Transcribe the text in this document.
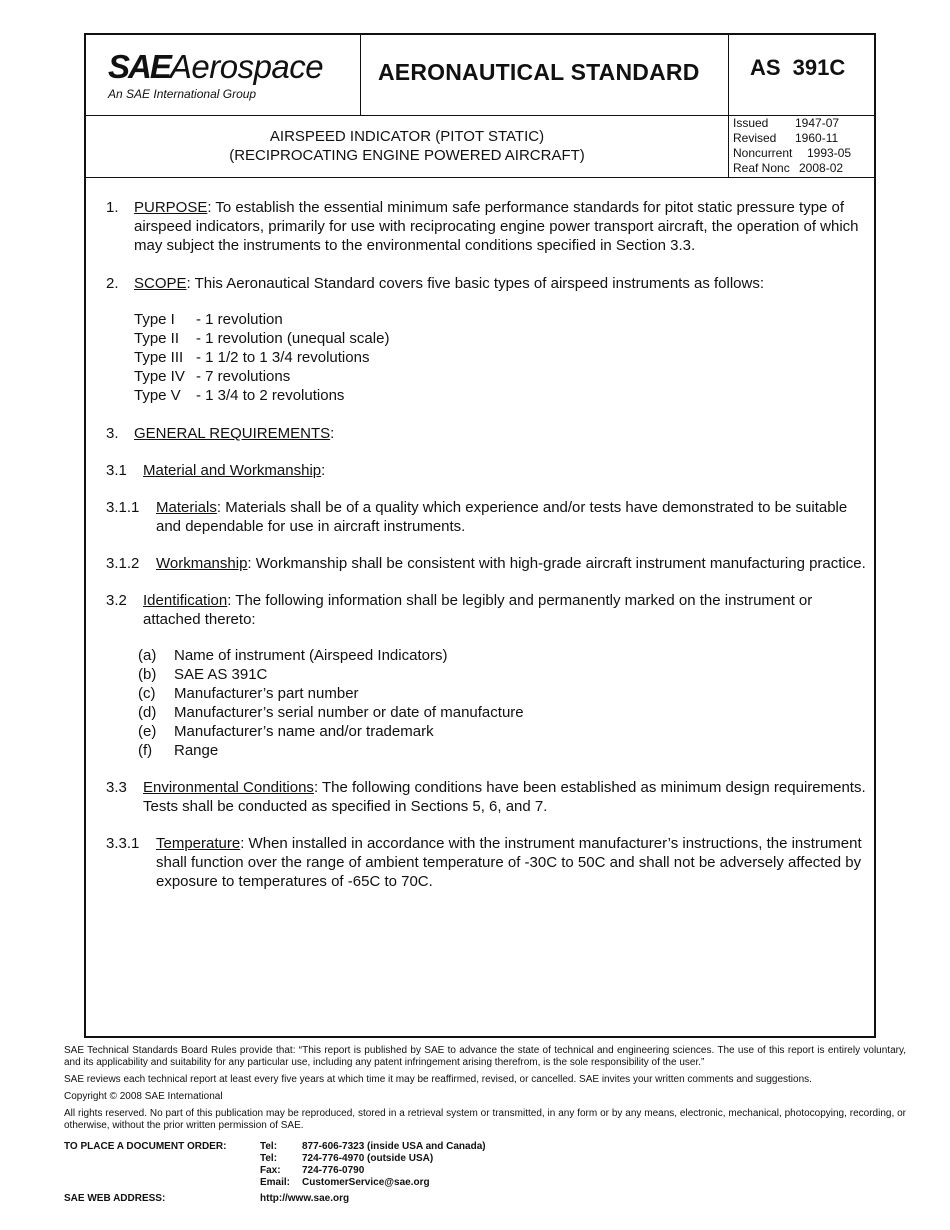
SAEAerospace
An SAE International Group
AERONAUTICAL STANDARD AS 391C
AIRSPEED INDICATOR (PITOT STATIC)
(RECIPROCATING ENGINE POWERED AIRCRAFT)
Issued	1947-07
Revised	1960-11
Noncurrent	1993-05
Reaf Nonc 2008-02
1. PURPOSE: To establish the essential minimum safe performance standards for pitot static pressure type of airspeed indicators, primarily for use with reciprocating engine power transport aircraft, the operation of which may subject the instruments to the environmental conditions specified in Section 3.3.
2. SCOPE: This Aeronautical Standard covers five basic types of airspeed instruments as follows:
Type I	- 1 revolution
Type II	- 1 revolution (unequal scale)
Type III - 1 1/2 to 1 3/4 revolutions
Type IV - 7 revolutions
Type V	- 1 3/4 to 2 revolutions
3. GENERAL REQUIREMENTS:
3.1 Material and Workmanship:
3.1.1 Materials: Materials shall be of a quality which experience and/or tests have demonstrated to be suitable and dependable for use in aircraft instruments.
3.1.2 Workmanship: Workmanship shall be consistent with high-grade aircraft instrument manufacturing practice.
3.2 Identification: The following information shall be legibly and permanently marked on the instrument or attached thereto:
(a)	Name of instrument (Airspeed Indicators)
(b)	SAE AS 391C
(c)	Manufacturer’s part number
(d)	Manufacturer’s serial number or date of manufacture
(e)	Manufacturer’s name and/or trademark
(f)	Range
3.3 Environmental Conditions: The following conditions have been established as minimum design requirements. Tests shall be conducted as specified in Sections 5, 6, and 7.
3.3.1 Temperature: When installed in accordance with the instrument manufacturer’s instructions, the instrument shall function over the range of ambient temperature of -30C to 50C and shall not be adversely affected by exposure to temperatures of -65C to 70C.

SAE Technical Standards Board Rules provide that: “This report is published by SAE to advance the state of technical and engineering sciences. The use of this report is entirely voluntary, and its applicability and suitability for any particular use, including any patent infringement arising therefrom, is the sole responsibility of the user.”

SAE reviews each technical report at least every five years at which time it may be reaffirmed, revised, or cancelled. SAE invites your written comments and suggestions.

Copyright © 2008 SAE International

All rights reserved. No part of this publication may be reproduced, stored in a retrieval system or transmitted, in any form or by any means, electronic, mechanical, photocopying, recording, or otherwise, without the prior written permission of SAE.

TO PLACE A DOCUMENT ORDER:	Tel:	877-606-7323 (inside USA and Canada)
Tel:	724-776-4970 (outside USA)
Fax:	724-776-0790
Email:	CustomerService@sae.org
SAE WEB ADDRESS:	http://www.sae.org
